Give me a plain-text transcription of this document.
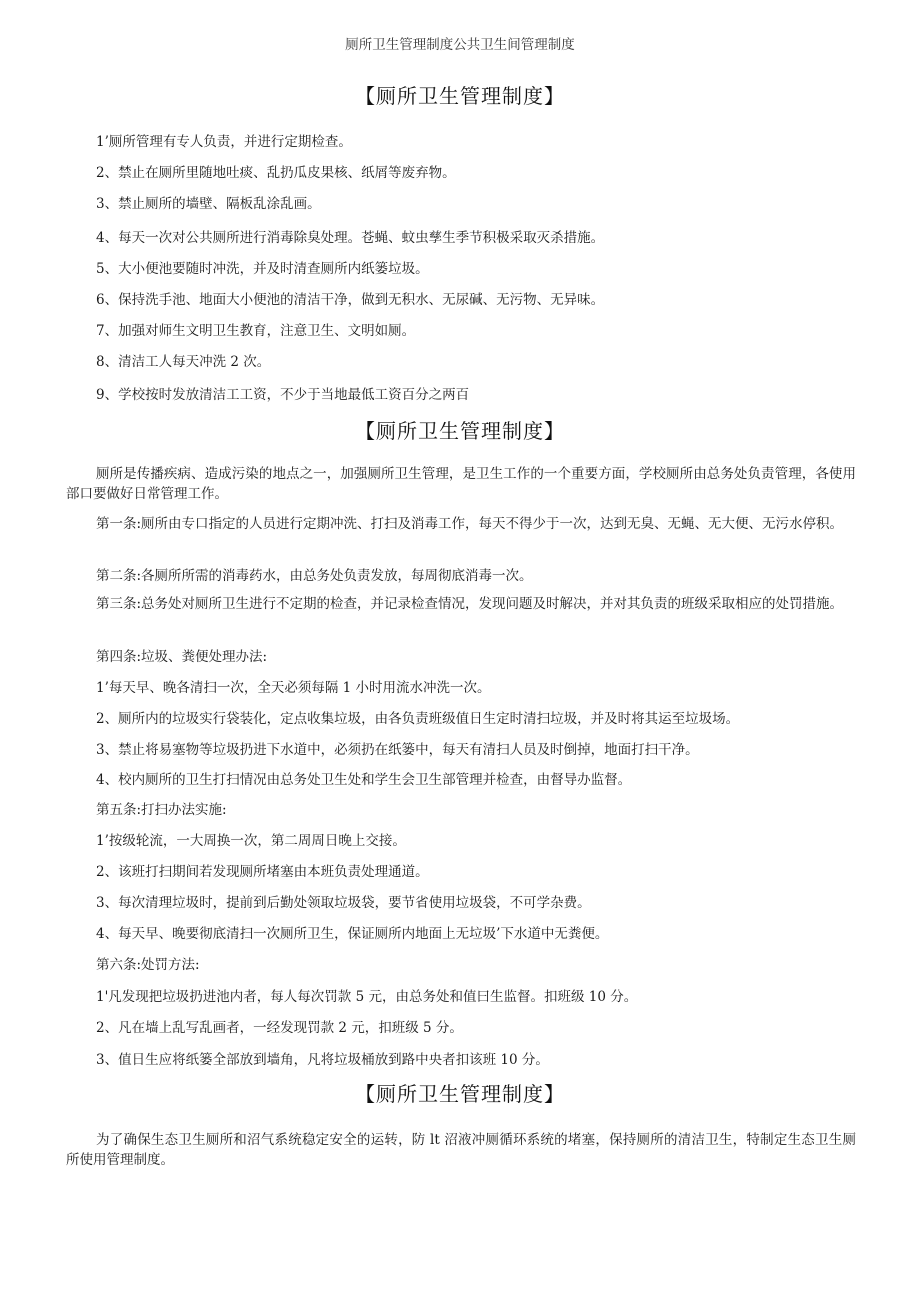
厕所卫生管理制度公共卫生间管理制度
【厕所卫生管理制度】
1’厕所管理有专人负责，并进行定期检查。
2、禁止在厕所里随地吐痰、乱扔瓜皮果核、纸屑等废弃物。
3、禁止厕所的墙壁、隔板乱涂乱画。
4、每天一次对公共厕所进行消毒除臭处理。苍蝇、蚊虫孳生季节积极采取灭杀措施。
5、大小便池要随时冲洗，并及时清查厕所内纸篓垃圾。
6、保持洗手池、地面大小便池的清洁干净，做到无积水、无尿碱、无污物、无异味。
7、加强对师生文明卫生教育，注意卫生、文明如厕。
8、清洁工人每天冲洗 2 次。
9、学校按时发放清洁工工资，不少于当地最低工资百分之两百
【厕所卫生管理制度】
厕所是传播疾病、造成污染的地点之一，加强厕所卫生管理，是卫生工作的一个重要方面，学校厕所由总务处负责管理，各使用部口要做好日常管理工作。
第一条:厕所由专口指定的人员进行定期冲洗、打扫及消毒工作，每天不得少于一次，达到无臭、无蝇、无大便、无污水停积。
第二条:各厕所所需的消毒药水，由总务处负责发放，每周彻底消毒一次。
第三条:总务处对厕所卫生进行不定期的检查，并记录检查情况，发现问题及时解决，并对其负责的班级采取相应的处罚措施。
第四条:垃圾、粪便处理办法:
1’每天早、晚各清扫一次，全天必须每隔 1 小时用流水冲洗一次。
2、厕所内的垃圾实行袋装化，定点收集垃圾，由各负责班级值日生定时清扫垃圾，并及时将其运至垃圾场。
3、禁止将易塞物等垃圾扔进下水道中，必须扔在纸篓中，每天有清扫人员及时倒掉，地面打扫干净。
4、校内厕所的卫生打扫情况由总务处卫生处和学生会卫生部管理并检查，由督导办监督。
第五条:打扫办法实施:
1’按级轮流，一大周换一次，第二周周日晚上交接。
2、该班打扫期间若发现厕所堵塞由本班负责处理通道。
3、每次清理垃圾时，提前到后勤处领取垃圾袋，要节省使用垃圾袋，不可学杂费。
4、每天早、晚要彻底清扫一次厕所卫生，保证厕所内地面上无垃圾’下水道中无粪便。
第六条:处罚方法:
1'凡发现把垃圾扔进池内者，每人每次罚款 5 元，由总务处和值曰生监督。扣班级 10 分。
2、凡在墙上乱写乱画者，一经发现罚款 2 元，扣班级 5 分。
3、值日生应将纸篓全部放到墙角，凡将垃圾桶放到路中央者扣该班 10 分。
【厕所卫生管理制度】
为了确保生态卫生厕所和沼气系统稳定安全的运转，防 lt 沼液冲厕循环系统的堵塞，保持厕所的清洁卫生，特制定生态卫生厕所使用管理制度。
